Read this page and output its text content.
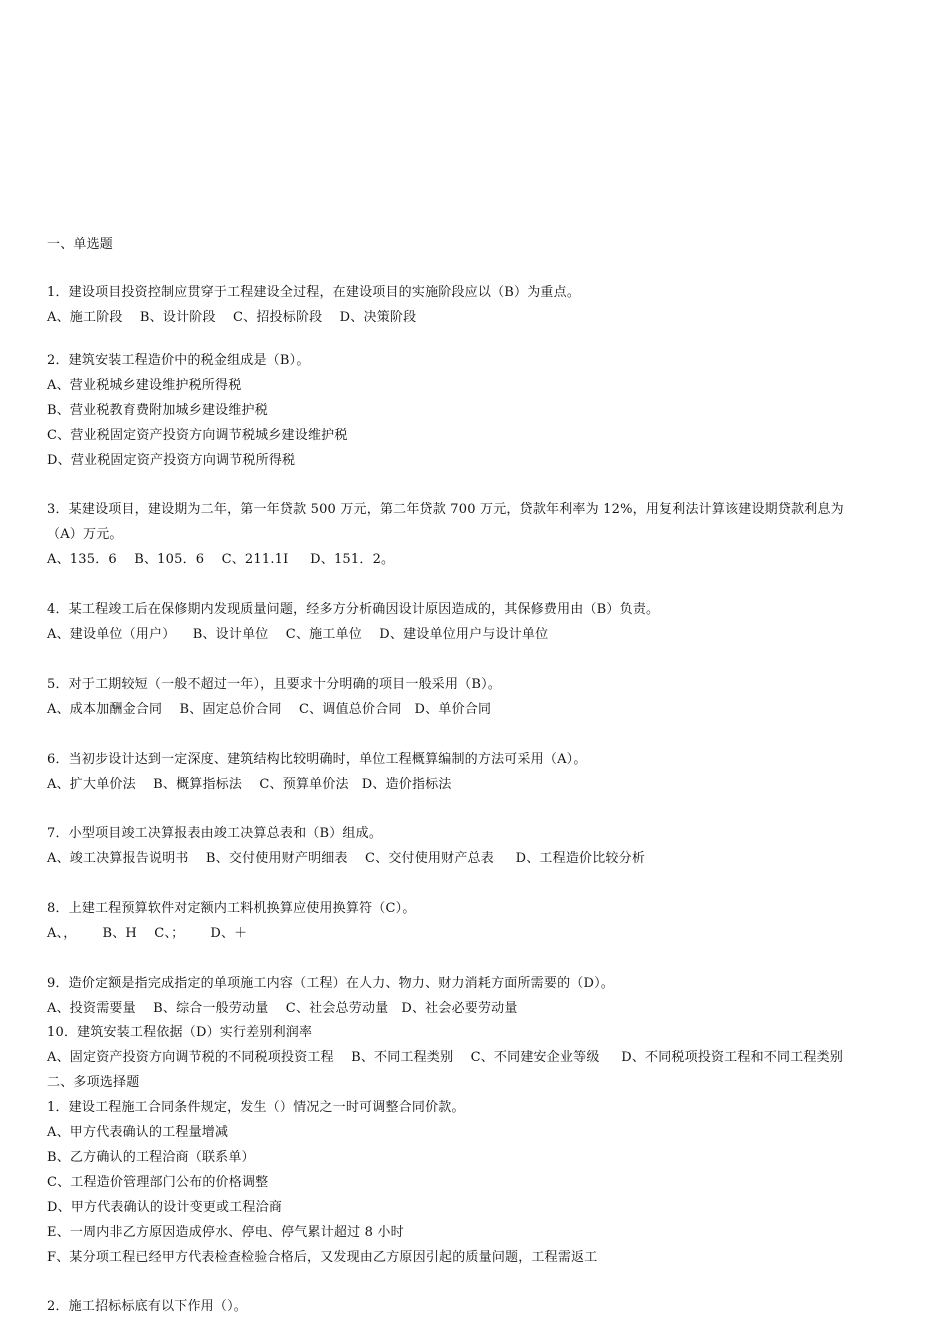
一、单选题
1．建设项目投资控制应贯穿于工程建设全过程，在建设项目的实施阶段应以（B）为重点。
A、施工阶段    B、设计阶段    C、招投标阶段    D、决策阶段
2．建筑安装工程造价中的税金组成是（B）。
A、营业税城乡建设维护税所得税
B、营业税教育费附加城乡建设维护税
C、营业税固定资产投资方向调节税城乡建设维护税
D、营业税固定资产投资方向调节税所得税
3．某建设项目，建设期为二年，第一年贷款 500 万元，第二年贷款 700 万元，贷款年利率为 12%，用复利法计算该建设期贷款利息为
（A）万元。
A、135．6    B、105．6    C、211.1I     D、151．2。
4．某工程竣工后在保修期内发现质量问题，经多方分析确因设计原因造成的，其保修费用由（B）负责。
A、建设单位（用户）    B、设计单位    C、施工单位    D、建设单位用户与设计单位
5．对于工期较短（一般不超过一年），且要求十分明确的项目一般采用（B）。
A、成本加酬金合同    B、固定总价合同    C、调值总价合同   D、单价合同
6．当初步设计达到一定深度、建筑结构比较明确时，单位工程概算编制的方法可采用（A）。
A、扩大单价法    B、概算指标法    C、预算单价法   D、造价指标法
7．小型项目竣工决算报表由竣工决算总表和（B）组成。
A、竣工决算报告说明书    B、交付使用财产明细表    C、交付使用财产总表     D、工程造价比较分析
8．上建工程预算软件对定额内工料机换算应使用换算符（C）。
A、，      B、H    C、；      D、＋
9．造价定额是指完成指定的单项施工内容（工程）在人力、物力、财力消耗方面所需要的（D）。
A、投资需要量    B、综合一般劳动量    C、社会总劳动量   D、社会必要劳动量
10．建筑安装工程依据（D）实行差别利润率
A、固定资产投资方向调节税的不同税项投资工程    B、不同工程类别    C、不同建安企业等级     D、不同税项投资工程和不同工程类别
二、多项选择题
1．建设工程施工合同条件规定，发生（）情况之一时可调整合同价款。
A、甲方代表确认的工程量增减
B、乙方确认的工程洽商（联系单）
C、工程造价管理部门公布的价格调整
D、甲方代表确认的设计变更或工程洽商
E、一周内非乙方原因造成停水、停电、停气累计超过 8 小时
F、某分项工程已经甲方代表检查检验合格后，又发现由乙方原因引起的质量问题，工程需返工
2．施工招标标底有以下作用（）。
